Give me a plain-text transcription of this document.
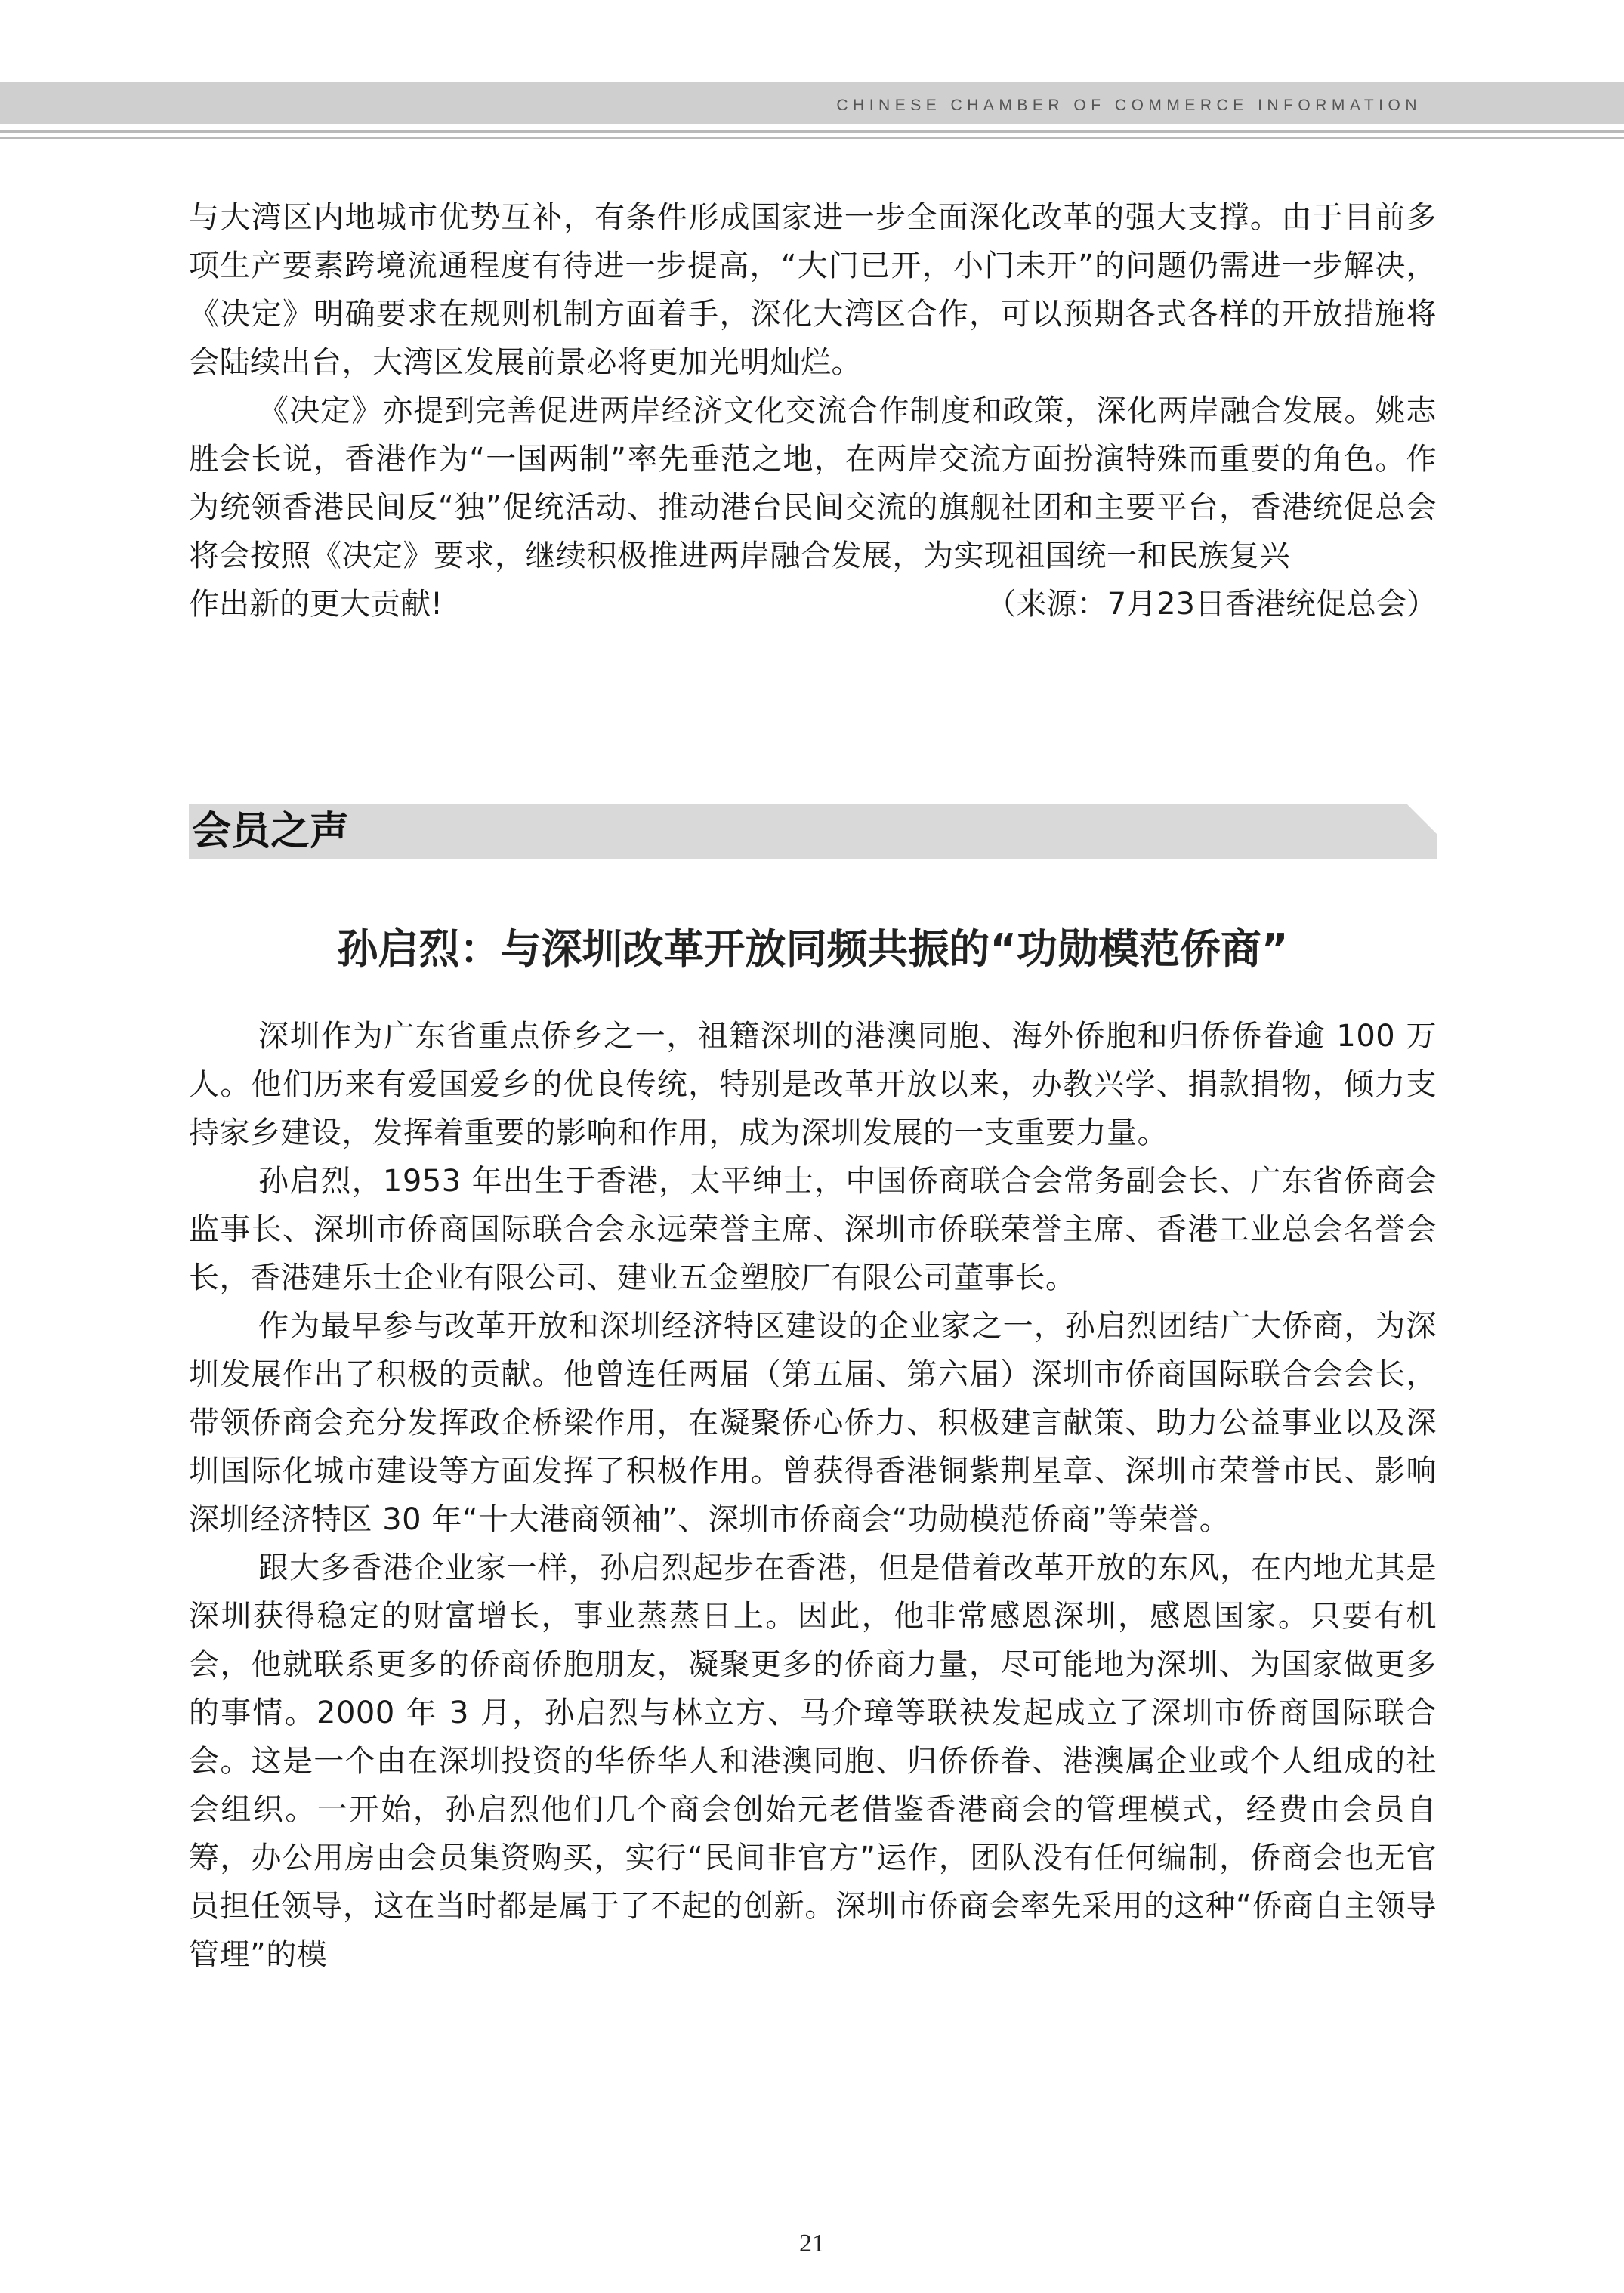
CHINESE CHAMBER OF COMMERCE INFORMATION

与大湾区内地城市优势互补，有条件形成国家进一步全面深化改革的强大支撑。由于目前多项生产要素跨境流通程度有待进一步提高，“大门已开，小门未开”的问题仍需进一步解决，《决定》明确要求在规则机制方面着手，深化大湾区合作，可以预期各式各样的开放措施将会陆续出台，大湾区发展前景必将更加光明灿烂。

《决定》亦提到完善促进两岸经济文化交流合作制度和政策，深化两岸融合发展。姚志胜会长说，香港作为“一国两制”率先垂范之地，在两岸交流方面扮演特殊而重要的角色。作为统领香港民间反“独”促统活动、推动港台民间交流的旗舰社团和主要平台，香港统促总会将会按照《决定》要求，继续积极推进两岸融合发展，为实现祖国统一和民族复兴

作出新的更大贡献!	（来源：7月23日香港统促总会）
会员之声
孙启烈：与深圳改革开放同频共振的“功勋模范侨商”

深圳作为广东省重点侨乡之一，祖籍深圳的港澳同胞、海外侨胞和归侨侨眷逾 100 万人。他们历来有爱国爱乡的优良传统，特别是改革开放以来，办教兴学、捐款捐物，倾力支持家乡建设，发挥着重要的影响和作用，成为深圳发展的一支重要力量。

孙启烈，1953 年出生于香港，太平绅士，中国侨商联合会常务副会长、广东省侨商会监事长、深圳市侨商国际联合会永远荣誉主席、深圳市侨联荣誉主席、香港工业总会名誉会长，香港建乐士企业有限公司、建业五金塑胶厂有限公司董事长。

作为最早参与改革开放和深圳经济特区建设的企业家之一，孙启烈团结广大侨商，为深圳发展作出了积极的贡献。他曾连任两届（第五届、第六届）深圳市侨商国际联合会会长，带领侨商会充分发挥政企桥梁作用，在凝聚侨心侨力、积极建言献策、助力公益事业以及深圳国际化城市建设等方面发挥了积极作用。曾获得香港铜紫荆星章、深圳市荣誉市民、影响深圳经济特区 30 年“十大港商领袖”、深圳市侨商会“功勋模范侨商”等荣誉。

跟大多香港企业家一样，孙启烈起步在香港，但是借着改革开放的东风，在内地尤其是深圳获得稳定的财富增长，事业蒸蒸日上。因此，他非常感恩深圳，感恩国家。只要有机会，他就联系更多的侨商侨胞朋友，凝聚更多的侨商力量，尽可能地为深圳、为国家做更多的事情。2000 年 3 月，孙启烈与林立方、马介璋等联袂发起成立了深圳市侨商国际联合会。这是一个由在深圳投资的华侨华人和港澳同胞、归侨侨眷、港澳属企业或个人组成的社会组织。一开始，孙启烈他们几个商会创始元老借鉴香港商会的管理模式，经费由会员自筹，办公用房由会员集资购买，实行“民间非官方”运作，团队没有任何编制，侨商会也无官员担任领导，这在当时都是属于了不起的创新。深圳市侨商会率先采用的这种“侨商自主领导管理”的模

21
